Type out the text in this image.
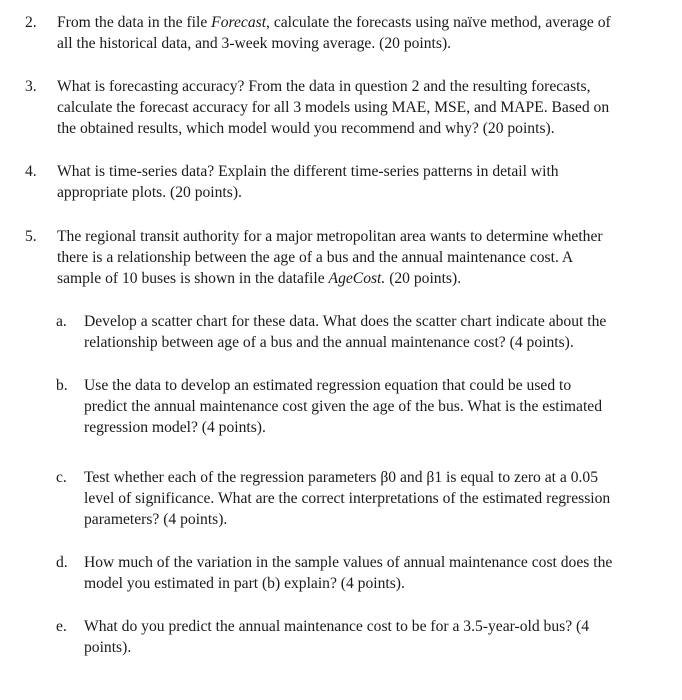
2.	From the data in the file Forecast, calculate the forecasts using naïve method, average of
all the historical data, and 3-week moving average. (20 points).
3.	What is forecasting accuracy? From the data in question 2 and the resulting forecasts,
calculate the forecast accuracy for all 3 models using MAE, MSE, and MAPE. Based on
the obtained results, which model would you recommend and why? (20 points).
4.	What is time-series data? Explain the different time-series patterns in detail with
appropriate plots. (20 points).
5.	The regional transit authority for a major metropolitan area wants to determine whether
there is a relationship between the age of a bus and the annual maintenance cost. A
sample of 10 buses is shown in the datafile AgeCost. (20 points).
a.	Develop a scatter chart for these data. What does the scatter chart indicate about the
relationship between age of a bus and the annual maintenance cost? (4 points).
b.	Use the data to develop an estimated regression equation that could be used to
predict the annual maintenance cost given the age of the bus. What is the estimated
regression model? (4 points).
c.	Test whether each of the regression parameters β0 and β1 is equal to zero at a 0.05
level of significance. What are the correct interpretations of the estimated regression
parameters? (4 points).
d.	How much of the variation in the sample values of annual maintenance cost does the
model you estimated in part (b) explain? (4 points).
e.	What do you predict the annual maintenance cost to be for a 3.5-year-old bus? (4
points).
